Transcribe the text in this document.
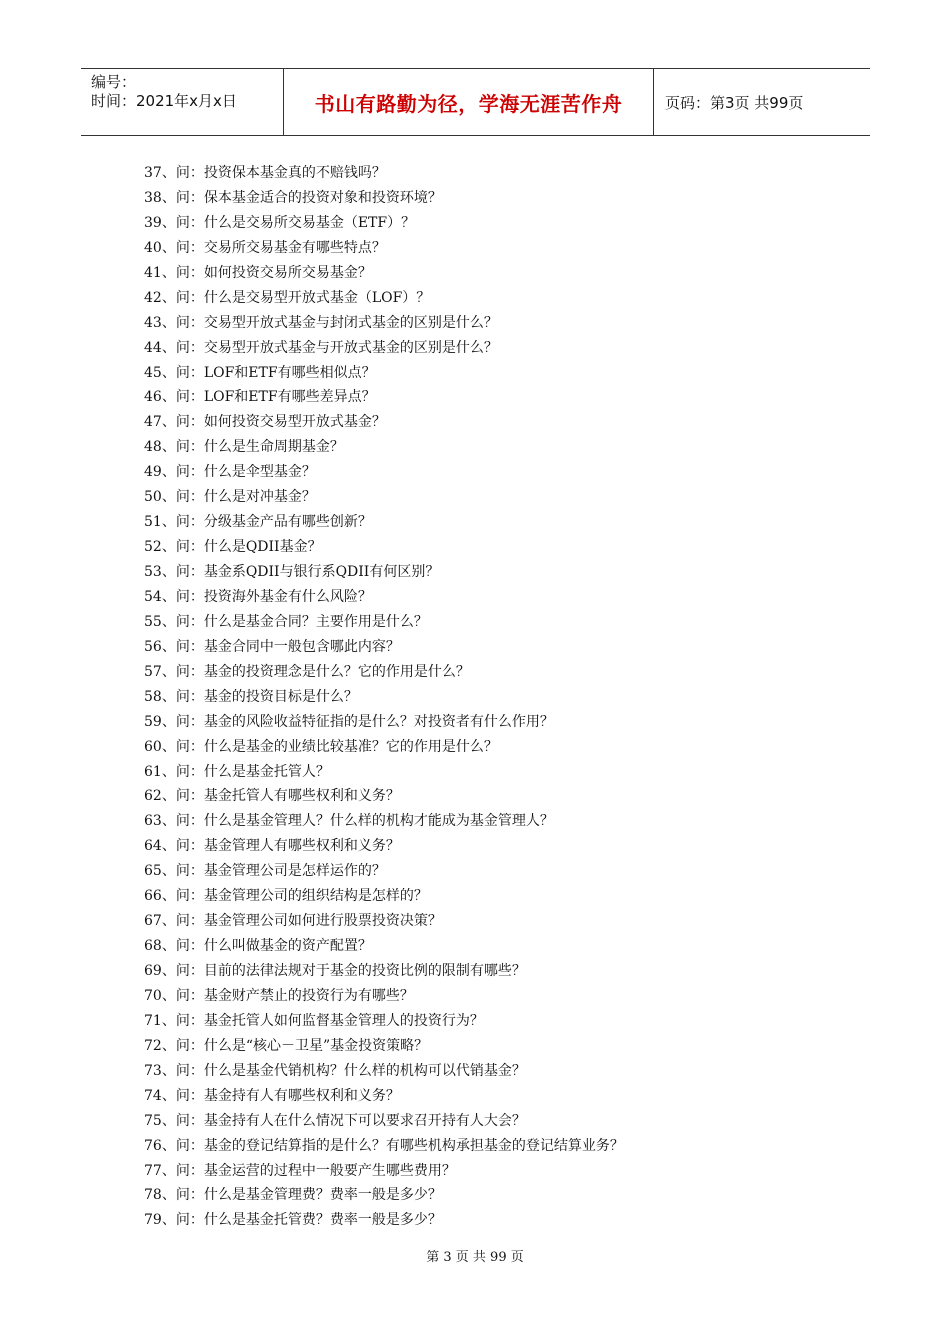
编号：
时间：2021年x月x日	书山有路勤为径，学海无涯苦作舟	页码：第3页 共99页
37、问：投资保本基金真的不赔钱吗？
38、问：保本基金适合的投资对象和投资环境？
39、问：什么是交易所交易基金（ETF）？
40、问：交易所交易基金有哪些特点？
41、问：如何投资交易所交易基金？
42、问：什么是交易型开放式基金（LOF）？
43、问：交易型开放式基金与封闭式基金的区别是什么？
44、问：交易型开放式基金与开放式基金的区别是什么？
45、问：LOF和ETF有哪些相似点？
46、问：LOF和ETF有哪些差异点？
47、问：如何投资交易型开放式基金？
48、问：什么是生命周期基金？
49、问：什么是伞型基金？
50、问：什么是对冲基金？
51、问：分级基金产品有哪些创新？
52、问：什么是QDII基金？
53、问：基金系QDII与银行系QDII有何区别？
54、问：投资海外基金有什么风险？
55、问：什么是基金合同？主要作用是什么？
56、问：基金合同中一般包含哪此内容？
57、问：基金的投资理念是什么？它的作用是什么？
58、问：基金的投资目标是什么？
59、问：基金的风险收益特征指的是什么？对投资者有什么作用？
60、问：什么是基金的业绩比较基准？它的作用是什么？
61、问：什么是基金托管人？
62、问：基金托管人有哪些权利和义务？
63、问：什么是基金管理人？什么样的机构才能成为基金管理人？
64、问：基金管理人有哪些权利和义务？
65、问：基金管理公司是怎样运作的？
66、问：基金管理公司的组织结构是怎样的？
67、问：基金管理公司如何进行股票投资决策？
68、问：什么叫做基金的资产配置？
69、问：目前的法律法规对于基金的投资比例的限制有哪些？
70、问：基金财产禁止的投资行为有哪些？
71、问：基金托管人如何监督基金管理人的投资行为？
72、问：什么是“核心－卫星”基金投资策略？
73、问：什么是基金代销机构？什么样的机构可以代销基金？
74、问：基金持有人有哪些权利和义务？
75、问：基金持有人在什么情况下可以要求召开持有人大会？
76、问：基金的登记结算指的是什么？有哪些机构承担基金的登记结算业务？
77、问：基金运营的过程中一般要产生哪些费用？
78、问：什么是基金管理费？费率一般是多少？
79、问：什么是基金托管费？费率一般是多少？
第 3 页 共 99 页
